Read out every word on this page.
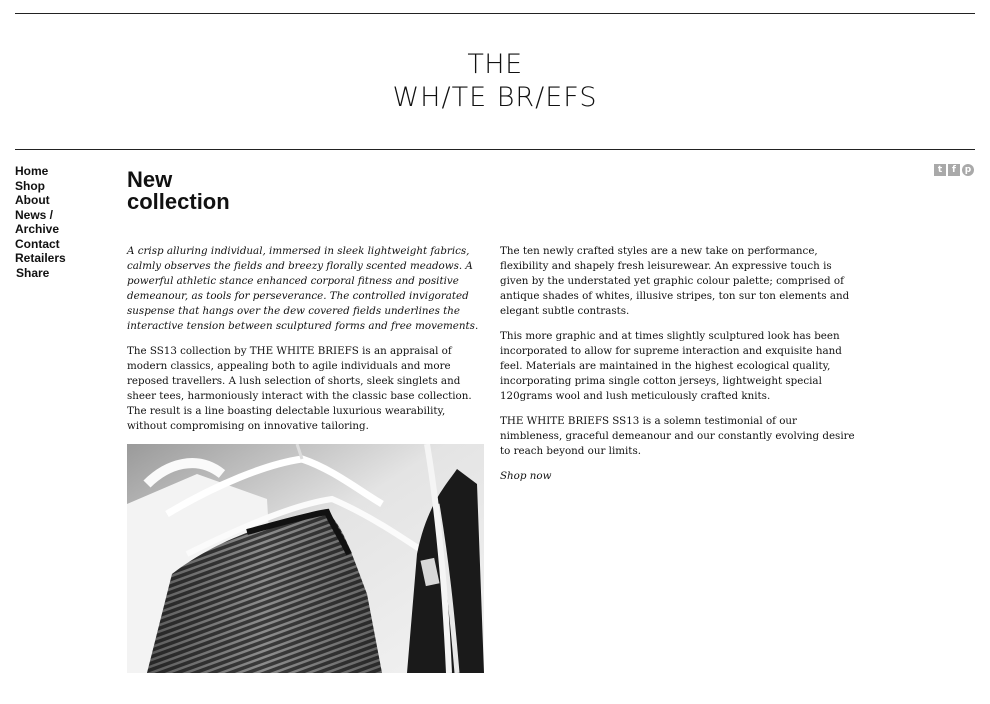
THE
WH/TE BR/EFS
Home
Shop
About
News /
Archive
Contact
Retailers
Share
t	f p
New
collection

A crisp alluring individual, immersed in sleek lightweight fabrics, calmly observes the fields and breezy florally scented meadows. A powerful athletic stance enhanced corporal fitness and positive demeanour, as tools for perseverance. The controlled invigorated suspense that hangs over the dew covered fields underlines the interactive tension between sculptured forms and free movements.

The SS13 collection by THE WHITE BRIEFS is an appraisal of modern classics, appealing both to agile individuals and more reposed travellers. A lush selection of shorts, sleek singlets and sheer tees, harmoniously interact with the classic base collection. The result is a line boasting delectable luxurious wearability, without compromising on innovative tailoring.

The ten newly crafted styles are a new take on performance, flexibility and shapely fresh leisurewear. An expressive touch is given by the understated yet graphic colour palette; comprised of antique shades of whites, illusive stripes, ton sur ton elements and elegant subtle contrasts.

This more graphic and at times slightly sculptured look has been incorporated to allow for supreme interaction and exquisite hand feel. Materials are maintained in the highest ecological quality, incorporating prima single cotton jerseys, lightweight special 120grams wool and lush meticulously crafted knits.

THE WHITE BRIEFS SS13 is a solemn testimonial of our nimbleness, graceful demeanour and our constantly evolving desire to reach beyond our limits.

Shop now
